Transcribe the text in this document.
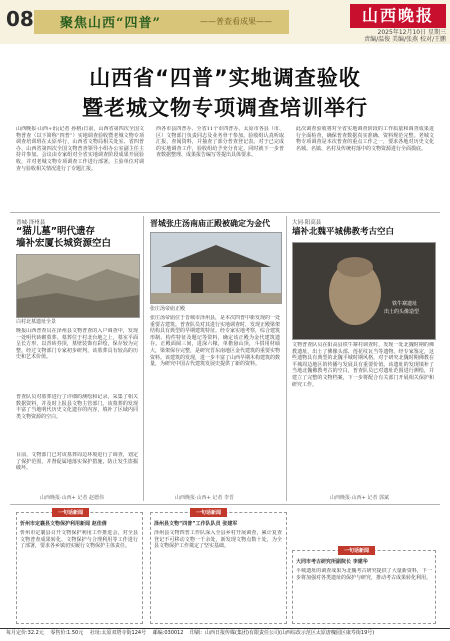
08 聚焦山西“四普”	——普查看成果——	山西晚报
2025年12月10日 星期三
责编/温俊 美编/张燕 校对/王鹏
山西省“四普”实地调查验收
暨老城文物专项调查培训举行
山西晚报·山西+讯(记者 孙榕)日前，山西省第四次全国文物普查（以下简称“四普”）实地调查验收暨老城文物专项调查培训班在太原举行，山西省文物局相关处室、省四普办、山西省第四次全国文物普查领导小组办公室副主任主持并参加。会议由专家组对全省实地调查阶段成果开展验收，并对老城文物专项调查工作进行部署。主验单位对调查与验收相关情况进行了专题汇报。
西各市县四普办、全省11个市四普办、太原市各县（市、区）文物部门负责同志及业务骨干参加。验收组认真听取汇报，查阅资料，并抽查了部分普查登记表。对于已完成的实地调查工作，验收组给予充分肯定。同时就下一步普查数据整理、成果报告编写等提出具体要求。
此次调查验收将对全省实地调查阶段的工作质量和调查成果进行全面检查，确保普查数据真实准确、资料规范完整。老城文物专项调查是本次普查的重点工作之一，要求各地对历史文化名城、名镇、名村及传统村落中的文物资源进行全面摸底。
晋城·泽州县
“猫儿墓”明代遗存
墙补宏厦长城资源空白
白村北墓遗址全景
晚报山西普查员在泽州县文物普查的入户调查中，发现一处明代砖砌墓葬。墓葬位于村北台地之上，墓室平面呈长方形，以青砖券顶，墓壁装饰有彩绘，保存较为完整。经过文物部门专家初步研判，该墓葬具有较高的历史和艺术价值。
普查队员对墓葬进行了详细的测绘和记录，采集了相关数据资料，并及时上报县文物主管部门。该墓葬的发现丰富了当地明代历史文化遗存的内容，填补了区域内同类文物资源的空白。
目前，文物部门已对该墓葬周边环境进行了调查，划定了保护范围，并督促属地落实保护措施，防止发生盗掘破坏。
山西晚报·山西+ 记者 赵德伟
晋城张庄汤南庙正殿被确定为金代
张庄汤帝庙正殿
张庄汤帝庙位于晋城市泽州县，是本次四普中新发现的一处重要古建筑。普查队员对其进行实地调查时，发现正殿梁架结构具有典型的早期建筑特征。经专家实地考察，综合建筑形制、构件特征及题记等资料，确定该正殿为金代建筑遗存。正殿面阔三间，进深六椽，单檐悬山顶，斗拱用材硕大，梁架保存完整，是研究晋东南地区金代建筑的重要实物资料。该建筑的发现，进一步丰富了山西早期木构建筑的数量，为研究中国古代建筑发展史提供了新的资料。
山西晚报·山西+ 记者 李晋
大同·阳高县
墙补北魏平城佛教考古空白
铁牛寨遗址
出土的头像造型
文物普查队员在阳高县铁牛寨村调查时，发现一处北魏时期的佛教遗址，出土了佛像头部、莲花纹瓦当等遗物。经专家鉴定，这些遗物具有典型的北魏平城时期风格，对于研究北魏时期佛教在平城周边地区的传播与发展具有重要价值。该遗址的发现填补了当地北魏佛教考古的空白，普查队员已对遗址范围进行测绘，并建立了完整的文物档案，下一步将配合有关部门开展相关保护和研究工作。
山西晚报·山西+ 记者 郭斌
一句话新闻
忻州市定襄县文物保护利用新闻 赵佳倩
忻州市定襄县召开文物保护利用工作推进会，对全县文物普查成果转化、文物保护与合理利用等工作进行了部署，要求各乡镇切实履行文物保护主体责任。
一句话新闻
泽州县文物“四普”工作队队员 张建军
泽州县文物四普工作队深入全县乡村开展调查，累计复查登记不可移动文物一千余处，新发现文物点数十处，为全县文物保护工作奠定了坚实基础。
一句话新闻
大同市考古研究所副院长 李建华
平城遗址的调查成果为北魏考古研究提供了大量新资料，下一步将加强对各类遗址的保护与研究，推动考古成果转化利用。
每月定价:32.2元 零售价:1.50元 社址:太原双塔寺街124号 邮编:030012 印刷：山西日报传媒(集团)有限责任公司(山西综改示范区太原唐槐园区康寿街19号)
